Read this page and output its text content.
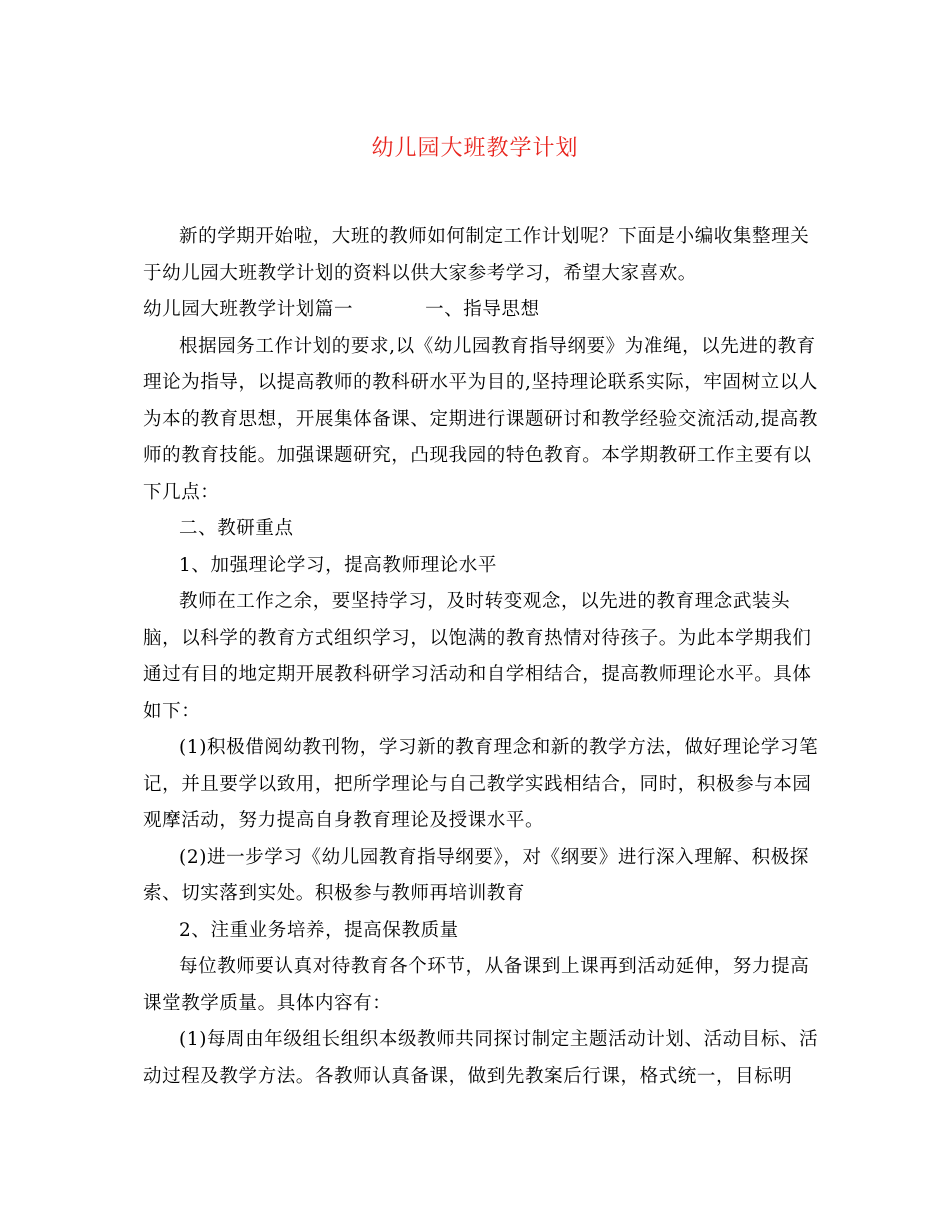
幼儿园大班教学计划
新的学期开始啦，大班的教师如何制定工作计划呢？下面是小编收集整理关
于幼儿园大班教学计划的资料以供大家参考学习，希望大家喜欢。
幼儿园大班教学计划篇一	一、指导思想
根据园务工作计划的要求,以《幼儿园教育指导纲要》为准绳，以先进的教育
理论为指导，以提高教师的教科研水平为目的,坚持理论联系实际，牢固树立以人
为本的教育思想，开展集体备课、定期进行课题研讨和教学经验交流活动,提高教
师的教育技能。加强课题研究，凸现我园的特色教育。本学期教研工作主要有以
下几点：
二、教研重点
1、加强理论学习，提高教师理论水平
教师在工作之余，要坚持学习，及时转变观念，以先进的教育理念武装头
脑，以科学的教育方式组织学习，以饱满的教育热情对待孩子。为此本学期我们
通过有目的地定期开展教科研学习活动和自学相结合，提高教师理论水平。具体
如下：
(1)积极借阅幼教刊物，学习新的教育理念和新的教学方法，做好理论学习笔
记，并且要学以致用，把所学理论与自己教学实践相结合，同时，积极参与本园
观摩活动，努力提高自身教育理论及授课水平。
(2)进一步学习《幼儿园教育指导纲要》，对《纲要》进行深入理解、积极探
索、切实落到实处。积极参与教师再培训教育
2、注重业务培养，提高保教质量
每位教师要认真对待教育各个环节，从备课到上课再到活动延伸，努力提高
课堂教学质量。具体内容有：
(1)每周由年级组长组织本级教师共同探讨制定主题活动计划、活动目标、活
动过程及教学方法。各教师认真备课，做到先教案后行课，格式统一，目标明
